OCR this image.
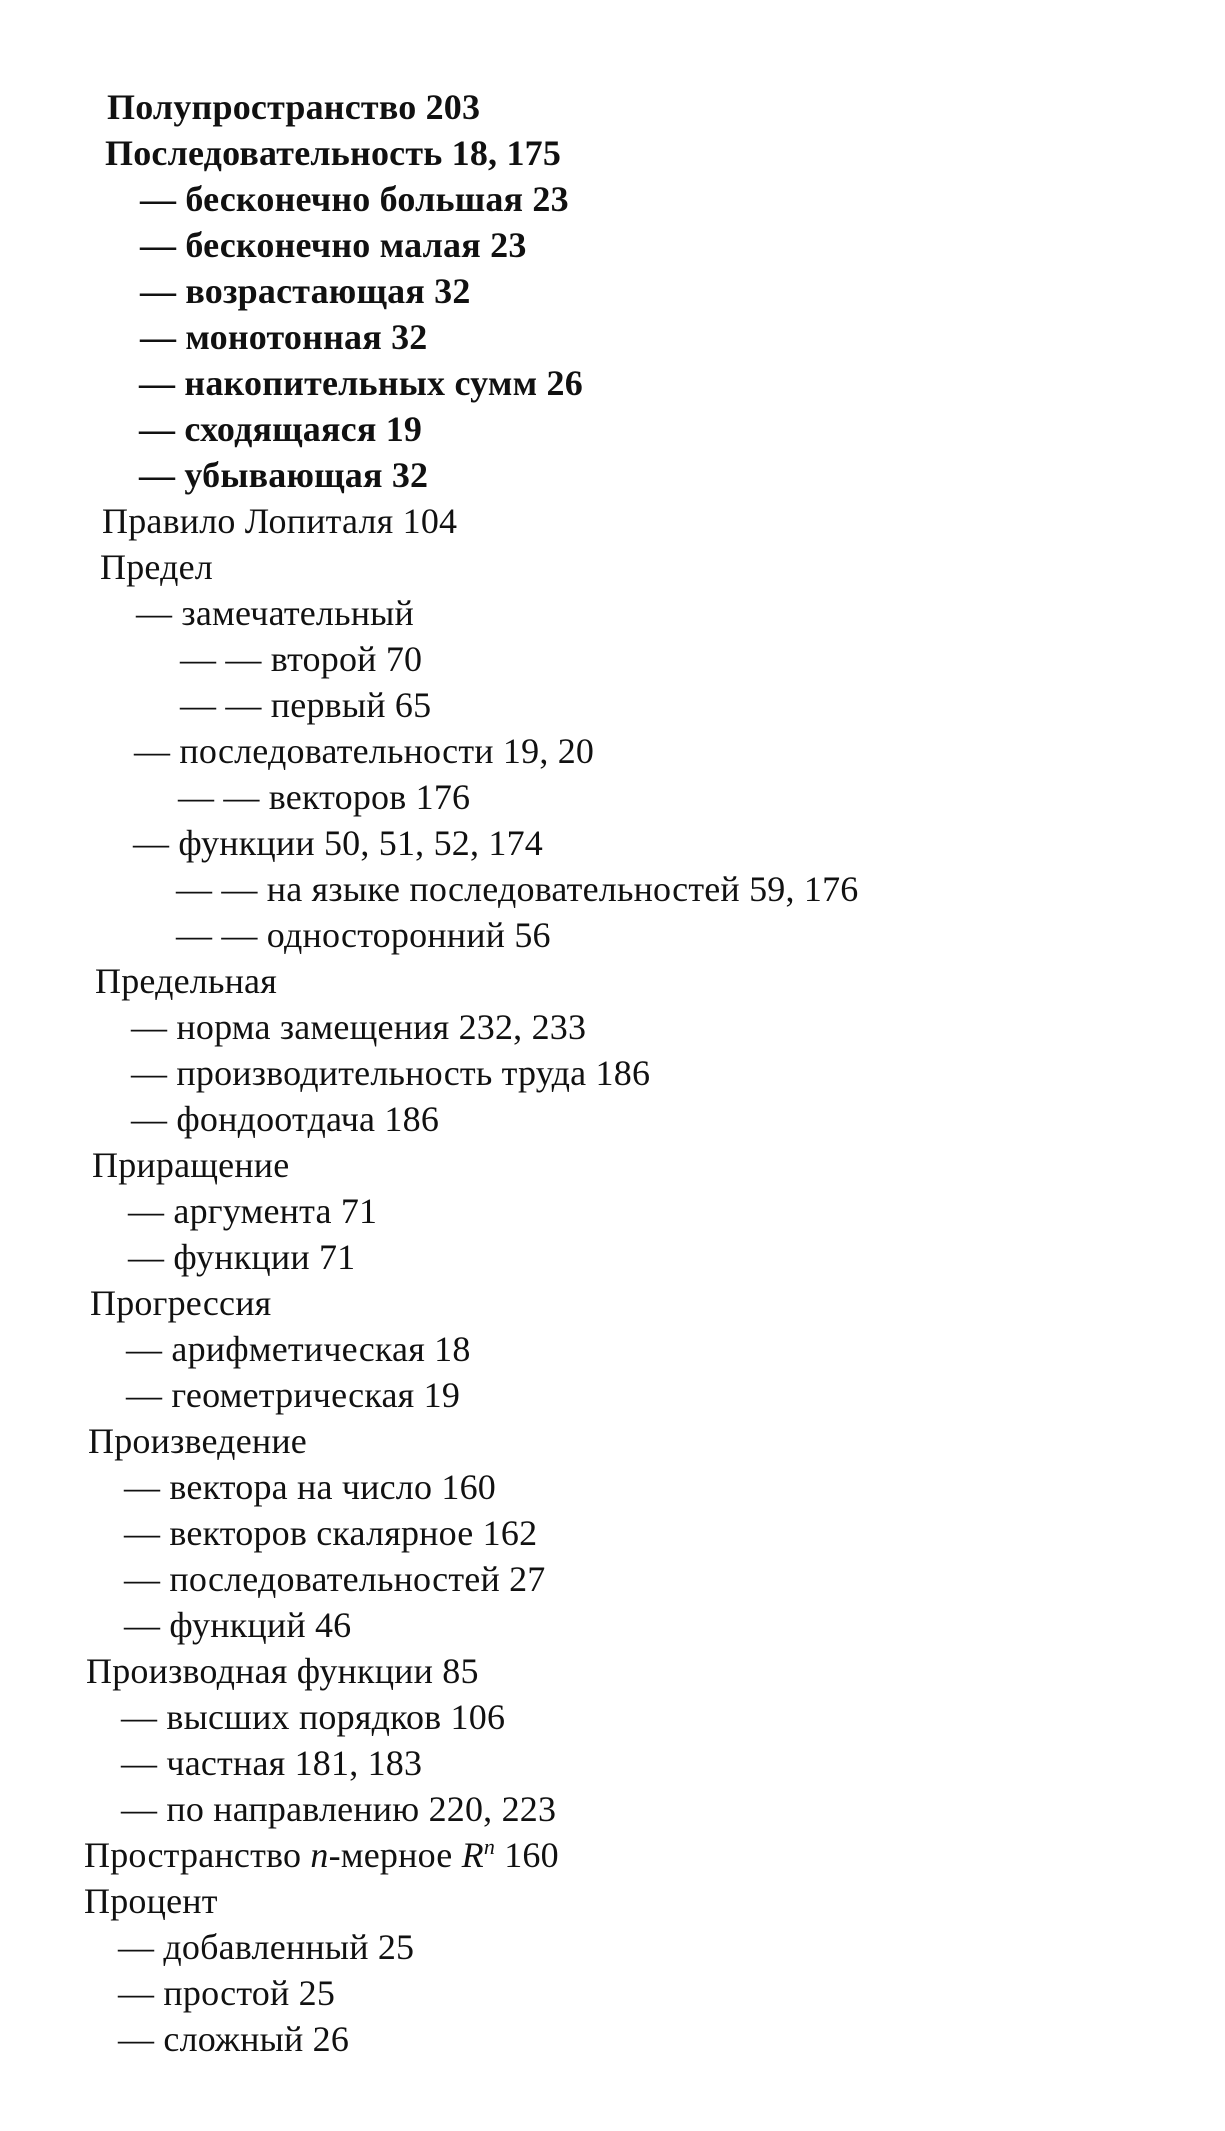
Полупространство 203
Последовательность 18, 175
— бесконечно большая 23
— бесконечно малая 23
— возрастающая 32
— монотонная 32
— накопительных сумм 26
— сходящаяся 19
— убывающая 32
Правило Лопиталя 104
Предел
— замечательный
— — второй 70
— — первый 65
— последовательности 19, 20
— — векторов 176
— функции 50, 51, 52, 174
— — на языке последовательностей 59, 176
— — односторонний 56
Предельная
— норма замещения 232, 233
— производительность труда 186
— фондоотдача 186
Приращение
— аргумента 71
— функции 71
Прогрессия
— арифметическая 18
— геометрическая 19
Произведение
— вектора на число 160
— векторов скалярное 162
— последовательностей 27
— функций 46
Производная функции 85
— высших порядков 106
— частная 181, 183
— по направлению 220, 223
Пространство n-мерное $R^n$ 160
Процент
— добавленный 25
— простой 25
— сложный 26
